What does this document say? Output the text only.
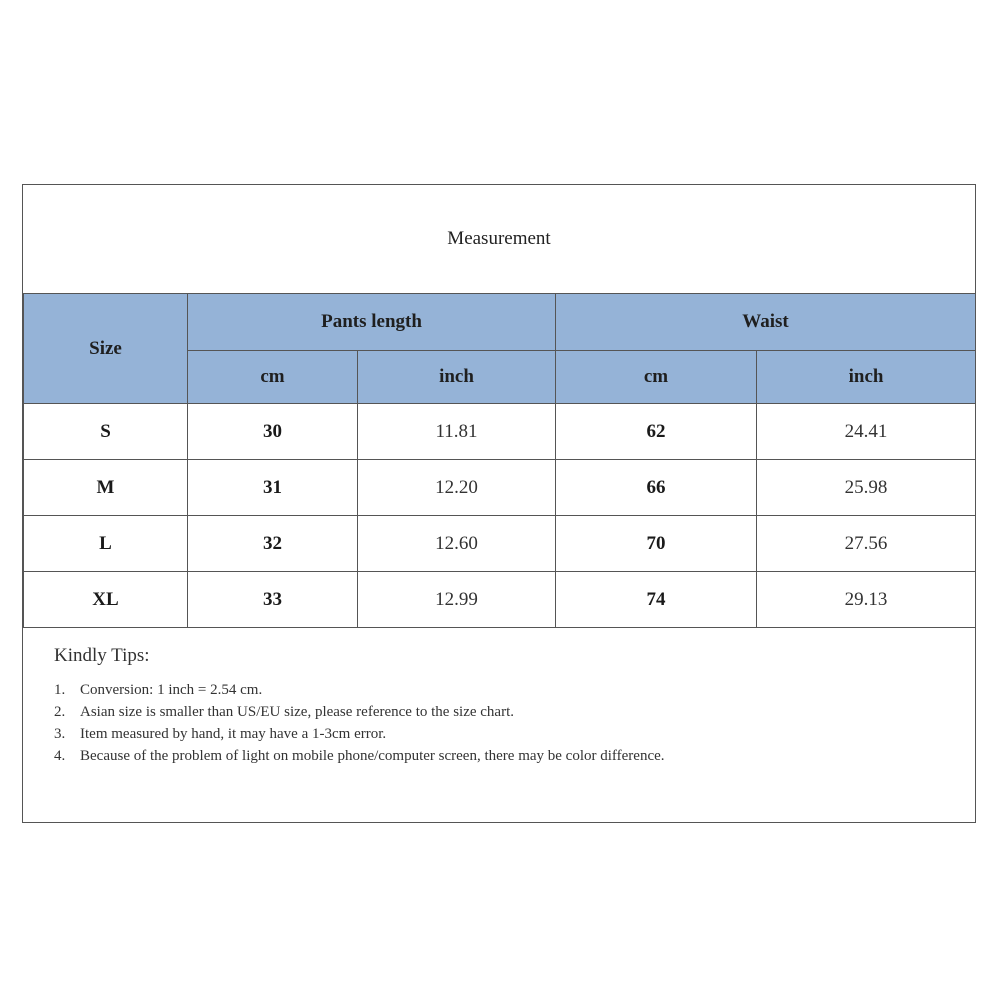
Measurement
Size	Pants length		Waist	
	cm	inch	cm	inch
S	30	11.81	62	24.41
M	31	12.20	66	25.98
L	32	12.60	70	27.56
XL	33	12.99	74	29.13
Kindly Tips:
1. Conversion: 1 inch = 2.54 cm.
2. Asian size is smaller than US/EU size, please reference to the size chart.
3. Item measured by hand, it may have a 1-3cm error.
4. Because of the problem of light on mobile phone/computer screen, there may be color difference.
